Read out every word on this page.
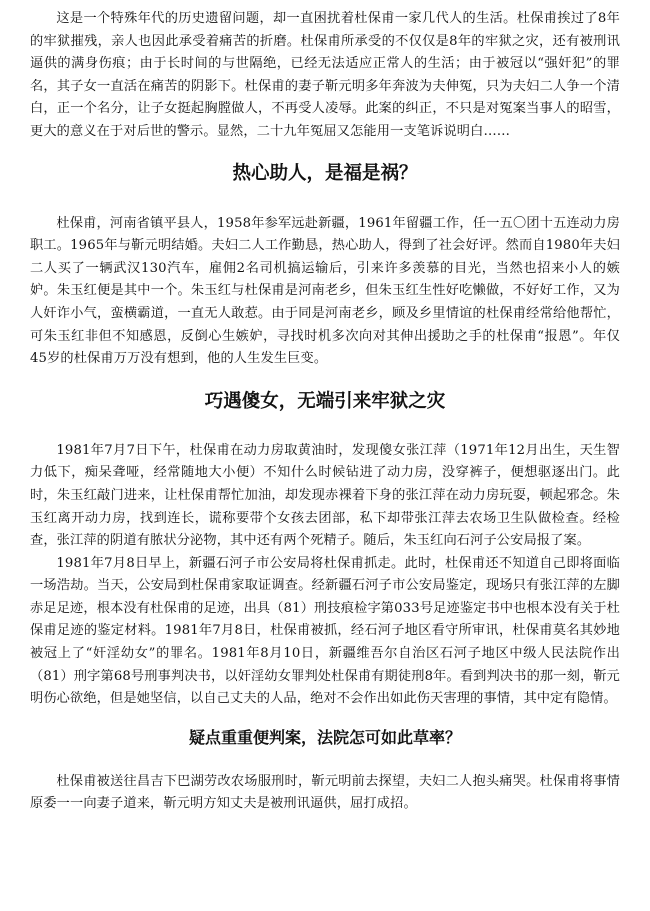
这是一个特殊年代的历史遗留问题，却一直困扰着杜保甫一家几代人的生活。杜保甫挨过了8年的牢狱摧残，亲人也因此承受着痛苦的折磨。杜保甫所承受的不仅仅是8年的牢狱之灾，还有被刑讯逼供的满身伤痕；由于长时间的与世隔绝，已经无法适应正常人的生活；由于被冠以“强奸犯”的罪名，其子女一直活在痛苦的阴影下。杜保甫的妻子靳元明多年奔波为夫伸冤，只为夫妇二人争一个清白，正一个名分，让子女挺起胸膛做人，不再受人凌辱。此案的纠正，不只是对冤案当事人的昭雪，更大的意义在于对后世的警示。显然，二十九年冤屈又怎能用一支笔诉说明白……

热心助人，是福是祸？

杜保甫，河南省镇平县人，1958年参军远赴新疆，1961年留疆工作，任一五〇团十五连动力房职工。1965年与靳元明结婚。夫妇二人工作勤恳，热心助人，得到了社会好评。然而自1980年夫妇二人买了一辆武汉130汽车，雇佣2名司机搞运输后，引来许多羡慕的目光，当然也招来小人的嫉妒。朱玉红便是其中一个。朱玉红与杜保甫是河南老乡，但朱玉红生性好吃懒做，不好好工作，又为人奸诈小气，蛮横霸道，一直无人敢惹。由于同是河南老乡，顾及乡里情谊的杜保甫经常给他帮忙，可朱玉红非但不知感恩，反倒心生嫉妒，寻找时机多次向对其伸出援助之手的杜保甫“报恩”。年仅45岁的杜保甫万万没有想到，他的人生发生巨变。

巧遇傻女，无端引来牢狱之灾

1981年7月7日下午，杜保甫在动力房取黄油时，发现傻女张江萍（1971年12月出生，天生智力低下，痴呆聋哑，经常随地大小便）不知什么时候钻进了动力房，没穿裤子，便想驱逐出门。此时，朱玉红敲门进来，让杜保甫帮忙加油，却发现赤裸着下身的张江萍在动力房玩耍，顿起邪念。朱玉红离开动力房，找到连长，谎称要带个女孩去团部，私下却带张江萍去农场卫生队做检查。经检查，张江萍的阴道有脓状分泌物，其中还有两个死精子。随后，朱玉红向石河子公安局报了案。

1981年7月8日早上，新疆石河子市公安局将杜保甫抓走。此时，杜保甫还不知道自己即将面临一场浩劫。当天，公安局到杜保甫家取证调查。经新疆石河子市公安局鉴定，现场只有张江萍的左脚赤足足迹，根本没有杜保甫的足迹，出具（81）刑技痕检字第033号足迹鉴定书中也根本没有关于杜保甫足迹的鉴定材料。1981年7月8日，杜保甫被抓，经石河子地区看守所审讯，杜保甫莫名其妙地被冠上了“奸淫幼女”的罪名。1981年8月10日，新疆维吾尔自治区石河子地区中级人民法院作出（81）刑字第68号刑事判决书，以奸淫幼女罪判处杜保甫有期徒刑8年。看到判决书的那一刻，靳元明伤心欲绝，但是她坚信，以自己丈夫的人品，绝对不会作出如此伤天害理的事情，其中定有隐情。

疑点重重便判案，法院怎可如此草率？

杜保甫被送往昌吉下巴湖劳改农场服刑时，靳元明前去探望，夫妇二人抱头痛哭。杜保甫将事情原委一一向妻子道来，靳元明方知丈夫是被刑讯逼供，屈打成招。
